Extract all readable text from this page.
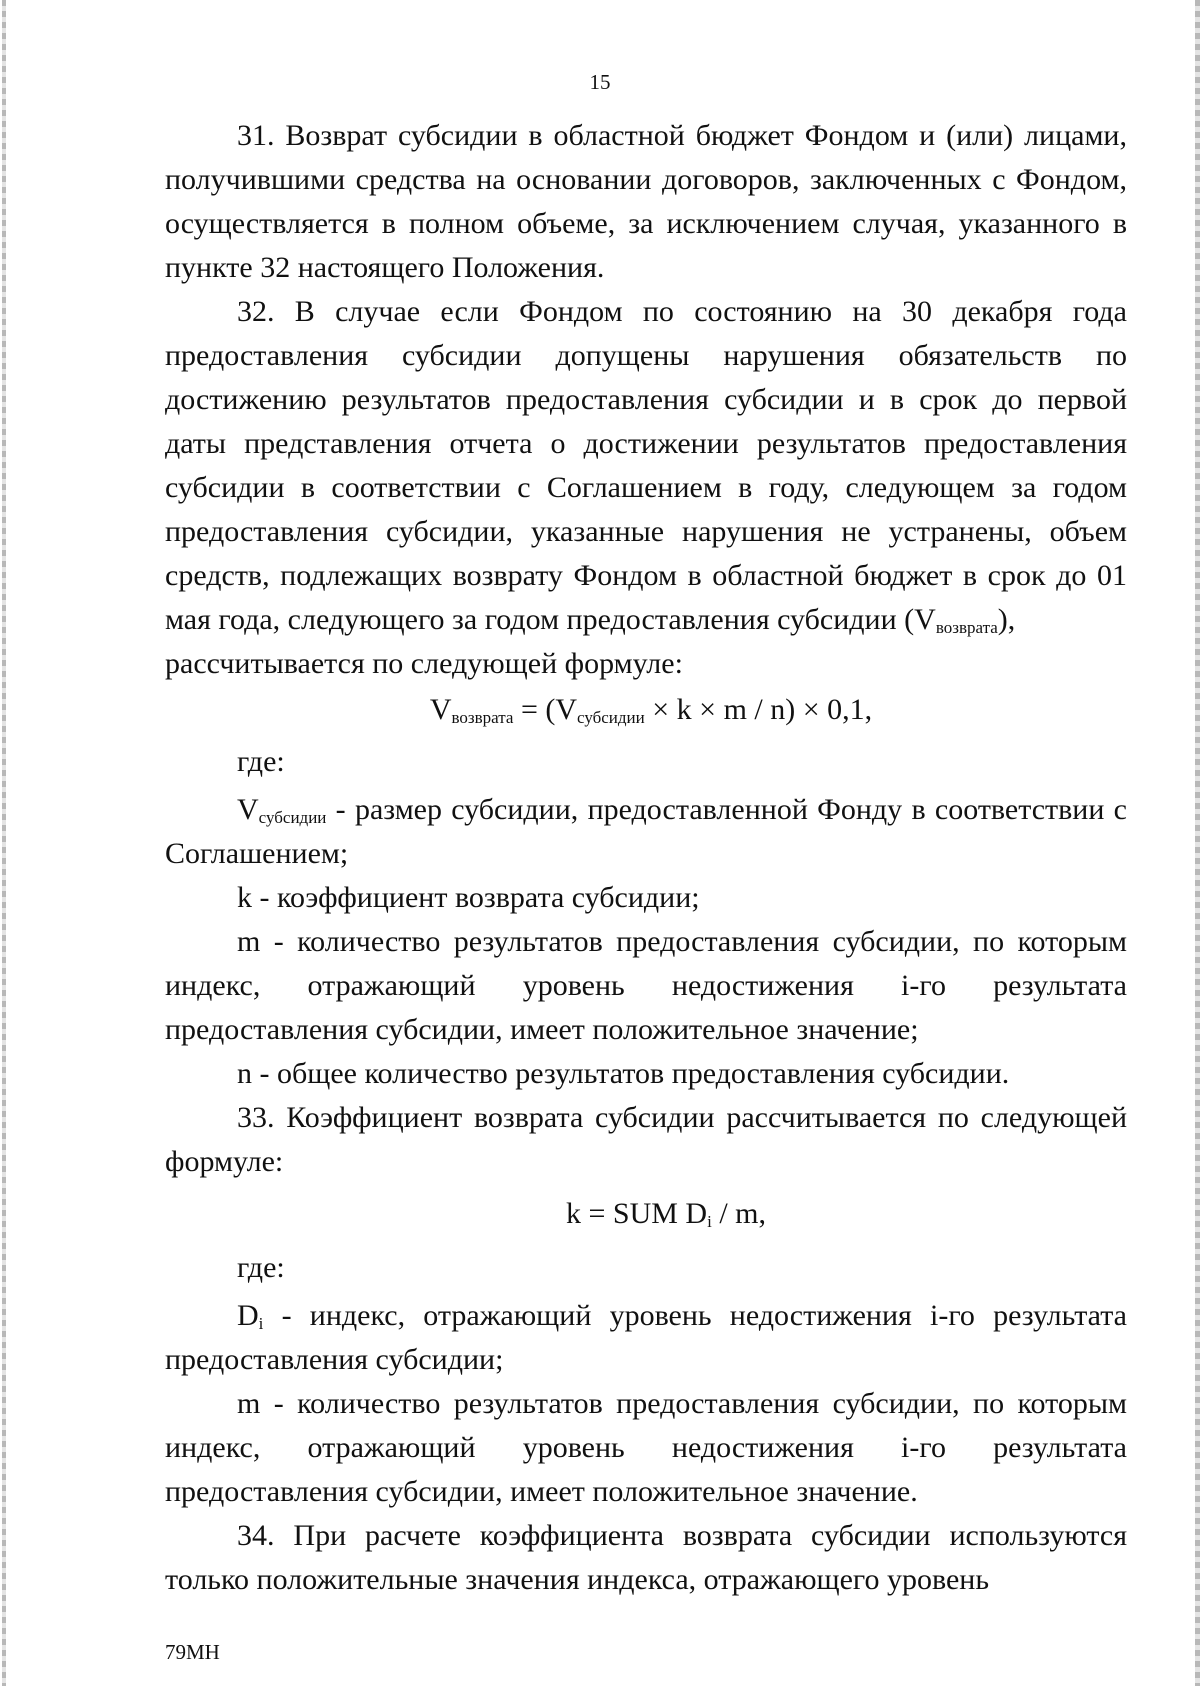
15

31. Возврат субсидии в областной бюджет Фондом и (или) лицами, получившими средства на основании договоров, заключенных с Фондом, осуществляется в полном объеме, за исключением случая, указанного в пункте 32 настоящего Положения.

32. В случае если Фондом по состоянию на 30 декабря года предоставления субсидии допущены нарушения обязательств по достижению результатов предоставления субсидии и в срок до первой даты представления отчета о достижении результатов предоставления субсидии в соответствии с Соглашением в году, следующем за годом предоставления субсидии, указанные нарушения не устранены, объем средств, подлежащих возврату Фондом в областной бюджет в срок до 01 мая года, следующего за годом предоставления субсидии $(V_{возврата})$,

рассчитывается по следующей формуле:

$V_{возврата} = (V_{субсидии} \times k \times m / n) \times 0,1$,

где:

$V_{субсидии}$ - размер субсидии, предоставленной Фонду в соответствии с Соглашением;

k - коэффициент возврата субсидии;

m - количество результатов предоставления субсидии, по которым индекс, отражающий уровень недостижения i-го результата предоставления субсидии, имеет положительное значение;

n - общее количество результатов предоставления субсидии.

33. Коэффициент возврата субсидии рассчитывается по следующей формуле:

k = SUM $D_i$ / m,

где:

$D_i$ - индекс, отражающий уровень недостижения i-го результата предоставления субсидии;

m - количество результатов предоставления субсидии, по которым индекс, отражающий уровень недостижения i-го результата предоставления субсидии, имеет положительное значение.

34. При расчете коэффициента возврата субсидии используются только положительные значения индекса, отражающего уровень

79МН
